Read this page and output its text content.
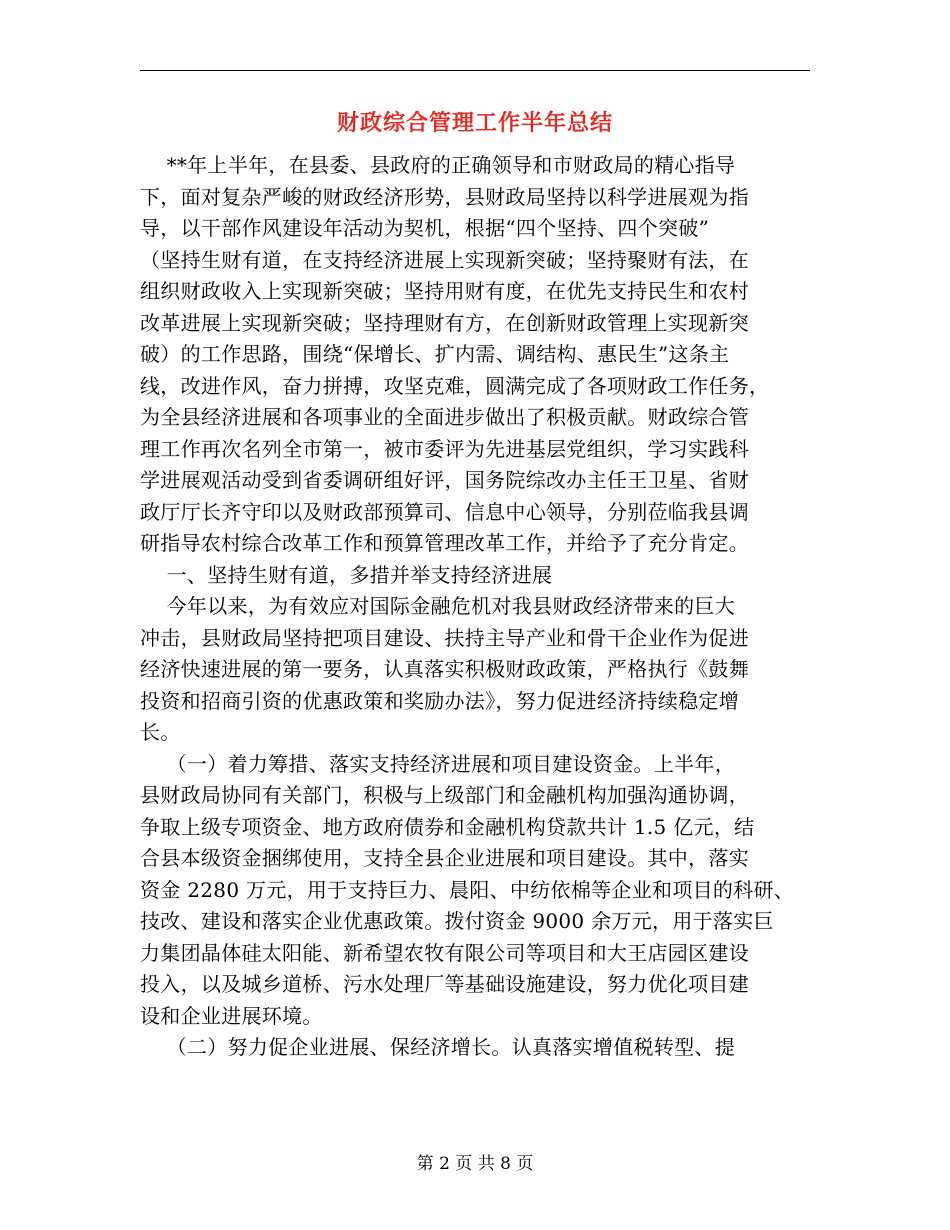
财政综合管理工作半年总结
**年上半年，在县委、县政府的正确领导和市财政局的精心指导
下，面对复杂严峻的财政经济形势，县财政局坚持以科学进展观为指
导，以干部作风建设年活动为契机，根据“四个坚持、四个突破”
（坚持生财有道，在支持经济进展上实现新突破；坚持聚财有法，在
组织财政收入上实现新突破；坚持用财有度，在优先支持民生和农村
改革进展上实现新突破；坚持理财有方，在创新财政管理上实现新突
破）的工作思路，围绕“保增长、扩内需、调结构、惠民生”这条主
线，改进作风，奋力拼搏，攻坚克难，圆满完成了各项财政工作任务，
为全县经济进展和各项事业的全面进步做出了积极贡献。财政综合管
理工作再次名列全市第一，被市委评为先进基层党组织，学习实践科
学进展观活动受到省委调研组好评，国务院综改办主任王卫星、省财
政厅厅长齐守印以及财政部预算司、信息中心领导，分别莅临我县调
研指导农村综合改革工作和预算管理改革工作，并给予了充分肯定。
一、坚持生财有道，多措并举支持经济进展
今年以来，为有效应对国际金融危机对我县财政经济带来的巨大
冲击，县财政局坚持把项目建设、扶持主导产业和骨干企业作为促进
经济快速进展的第一要务，认真落实积极财政政策，严格执行《鼓舞
投资和招商引资的优惠政策和奖励办法》，努力促进经济持续稳定增
长。
（一）着力筹措、落实支持经济进展和项目建设资金。上半年，
县财政局协同有关部门，积极与上级部门和金融机构加强沟通协调，
争取上级专项资金、地方政府债券和金融机构贷款共计 1.5 亿元，结
合县本级资金捆绑使用，支持全县企业进展和项目建设。其中，落实
资金 2280 万元，用于支持巨力、晨阳、中纺依棉等企业和项目的科研、
技改、建设和落实企业优惠政策。拨付资金 9000 余万元，用于落实巨
力集团晶体硅太阳能、新希望农牧有限公司等项目和大王店园区建设
投入，以及城乡道桥、污水处理厂等基础设施建设，努力优化项目建
设和企业进展环境。
（二）努力促企业进展、保经济增长。认真落实增值税转型、提
第 2 页 共 8 页
